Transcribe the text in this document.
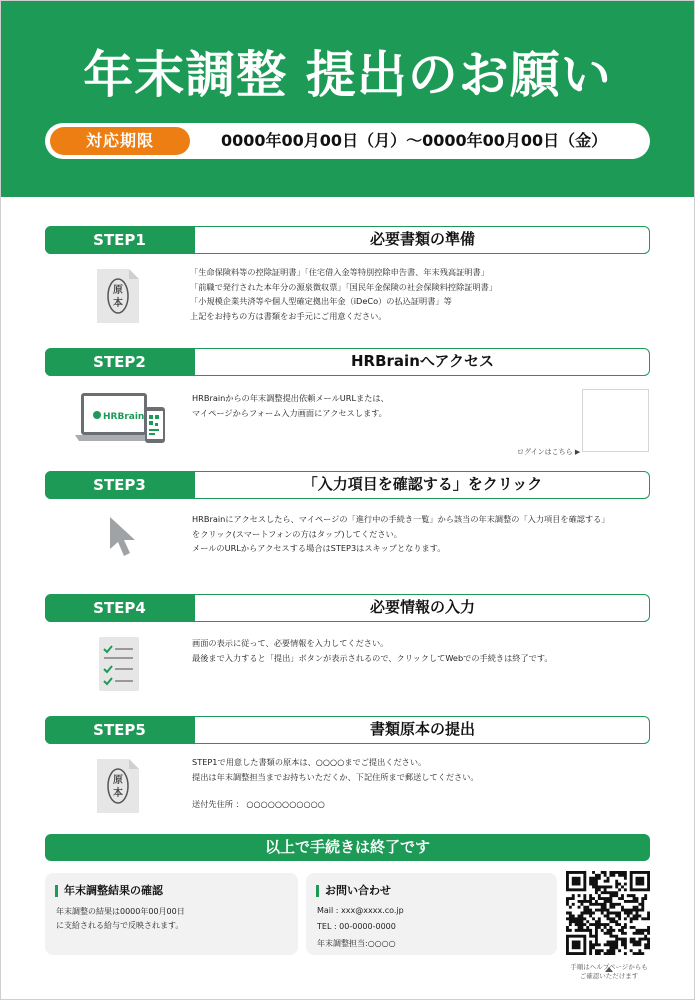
年末調整 提出のお願い
対応期限	0000年00月00日（月）〜0000年00月00日（金）
STEP1	必要書類の準備
原
本
「生命保険料等の控除証明書」「住宅借入金等特別控除申告書、年末残高証明書」
「前職で発行された本年分の源泉徴収票」「国民年金保険の社会保険料控除証明書」
「小規模企業共済等や個人型確定拠出年金（iDeCo）の払込証明書」等
上記をお持ちの方は書類をお手元にご用意ください。
STEP2	HRBrainへアクセス
HRBrain
HRBrainからの年末調整提出依頼メールURLまたは、
マイページからフォーム入力画面にアクセスします。
ログインはこちら ▶
STEP3	「入力項目を確認する」をクリック
HRBrainにアクセスしたら、マイページの「進行中の手続き一覧」から該当の年末調整の「入力項目を確認する」
をクリック(スマートフォンの方はタップ)してください。
メールのURLからアクセスする場合はSTEP3はスキップとなります。
STEP4	必要情報の入力
画面の表示に従って、必要情報を入力してください。
最後まで入力すると「提出」ボタンが表示されるので、クリックしてWebでの手続きは終了です。
STEP5	書類原本の提出
原
本
STEP1で用意した書類の原本は、○○○○までご提出ください。
提出は年末調整担当までお持ちいただくか、下記住所まで郵送してください。
送付先住所 ： ○○○○○○○○○○○
以上で手続きは終了です
年末調整結果の確認
年末調整の結果は0000年00月00日
に支給される給与で反映されます。
お問い合わせ
Mail : xxx@xxxx.co.jp
TEL : 00-0000-0000
年末調整担当:○○○○
手順はヘルプページからも
ご確認いただけます
